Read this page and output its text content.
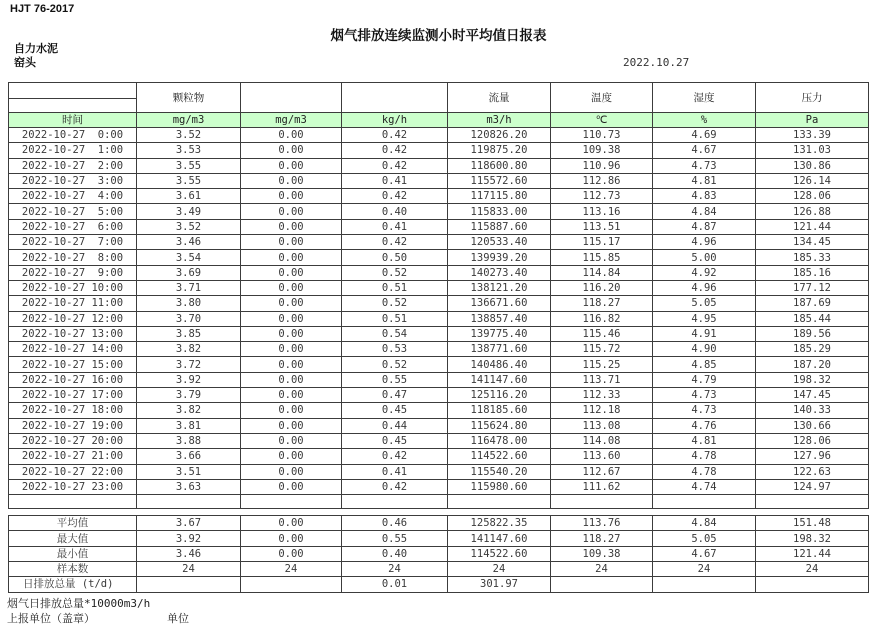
HJT 76-2017
烟气排放连续监测小时平均值日报表
自力水泥
窑头	2022.10.27
	颗粒物			流量	温度	湿度	压力

时间	mg/m3	mg/m3	kg/h	m3/h	℃	%	Pa
2022-10-27  0:00	3.52	0.00	0.42	120826.20	110.73	4.69	133.39
2022-10-27  1:00	3.53	0.00	0.42	119875.20	109.38	4.67	131.03
2022-10-27  2:00	3.55	0.00	0.42	118600.80	110.96	4.73	130.86
2022-10-27  3:00	3.55	0.00	0.41	115572.60	112.86	4.81	126.14
2022-10-27  4:00	3.61	0.00	0.42	117115.80	112.73	4.83	128.06
2022-10-27  5:00	3.49	0.00	0.40	115833.00	113.16	4.84	126.88
2022-10-27  6:00	3.52	0.00	0.41	115887.60	113.51	4.87	121.44
2022-10-27  7:00	3.46	0.00	0.42	120533.40	115.17	4.96	134.45
2022-10-27  8:00	3.54	0.00	0.50	139939.20	115.85	5.00	185.33
2022-10-27  9:00	3.69	0.00	0.52	140273.40	114.84	4.92	185.16
2022-10-27 10:00	3.71	0.00	0.51	138121.20	116.20	4.96	177.12
2022-10-27 11:00	3.80	0.00	0.52	136671.60	118.27	5.05	187.69
2022-10-27 12:00	3.70	0.00	0.51	138857.40	116.82	4.95	185.44
2022-10-27 13:00	3.85	0.00	0.54	139775.40	115.46	4.91	189.56
2022-10-27 14:00	3.82	0.00	0.53	138771.60	115.72	4.90	185.29
2022-10-27 15:00	3.72	0.00	0.52	140486.40	115.25	4.85	187.20
2022-10-27 16:00	3.92	0.00	0.55	141147.60	113.71	4.79	198.32
2022-10-27 17:00	3.79	0.00	0.47	125116.20	112.33	4.73	147.45
2022-10-27 18:00	3.82	0.00	0.45	118185.60	112.18	4.73	140.33
2022-10-27 19:00	3.81	0.00	0.44	115624.80	113.08	4.76	130.66
2022-10-27 20:00	3.88	0.00	0.45	116478.00	114.08	4.81	128.06
2022-10-27 21:00	3.66	0.00	0.42	114522.60	113.60	4.78	127.96
2022-10-27 22:00	3.51	0.00	0.41	115540.20	112.67	4.78	122.63
2022-10-27 23:00	3.63	0.00	0.42	115980.60	111.62	4.74	124.97

平均值	3.67	0.00	0.46	125822.35	113.76	4.84	151.48
最大值	3.92	0.00	0.55	141147.60	118.27	5.05	198.32
最小值	3.46	0.00	0.40	114522.60	109.38	4.67	121.44
样本数	24	24	24	24	24	24	24
日排放总量 (t/d)			0.01	301.97			
烟气日排放总量*10000m3/h
上报单位（盖章）	单位
